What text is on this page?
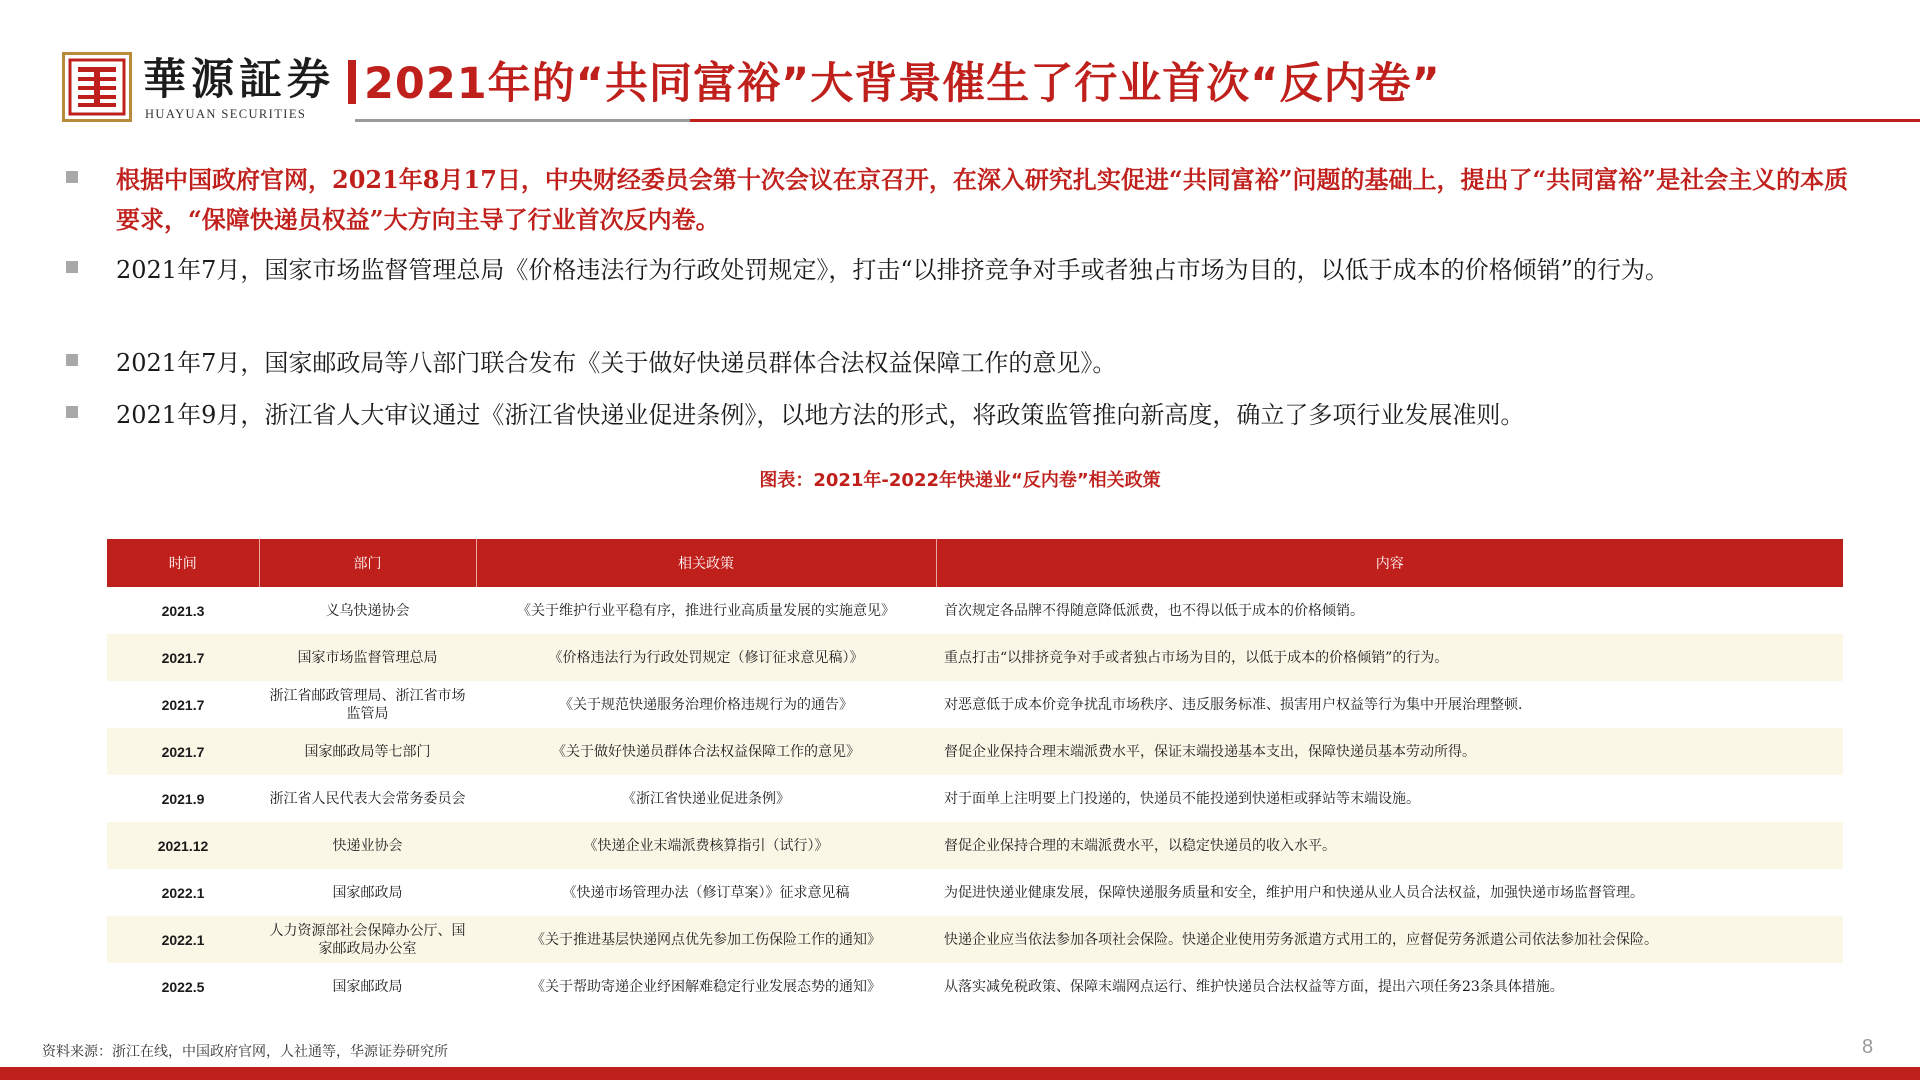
華源証券
HUAYUAN SECURITIES
2021年的“共同富裕”大背景催生了行业首次“反内卷”
根据中国政府官网，2021年8月17日，中央财经委员会第十次会议在京召开，在深入研究扎实促进“共同富裕”问题的基础上，提出了“共同富裕”是社会主义的本质要求，“保障快递员权益”大方向主导了行业首次反内卷。
2021年7月，国家市场监督管理总局《价格违法行为行政处罚规定》，打击“以排挤竞争对手或者独占市场为目的，以低于成本的价格倾销”的行为。
2021年7月，国家邮政局等八部门联合发布《关于做好快递员群体合法权益保障工作的意见》。
2021年9月，浙江省人大审议通过《浙江省快递业促进条例》，以地方法的形式，将政策监管推向新高度，确立了多项行业发展准则。
图表：2021年-2022年快递业“反内卷”相关政策
时间	部门	相关政策	内容
2021.3	义乌快递协会	《关于维护行业平稳有序，推进行业高质量发展的实施意见》	首次规定各品牌不得随意降低派费，也不得以低于成本的价格倾销。
2021.7	国家市场监督管理总局	《价格违法行为行政处罚规定（修订征求意见稿）》	重点打击“以排挤竞争对手或者独占市场为目的，以低于成本的价格倾销”的行为。
2021.7	浙江省邮政管理局、浙江省市场监管局	《关于规范快递服务治理价格违规行为的通告》	对恶意低于成本价竞争扰乱市场秩序、违反服务标准、损害用户权益等行为集中开展治理整顿.
2021.7	国家邮政局等七部门	《关于做好快递员群体合法权益保障工作的意见》	督促企业保持合理末端派费水平，保证末端投递基本支出，保障快递员基本劳动所得。
2021.9	浙江省人民代表大会常务委员会	《浙江省快递业促进条例》	对于面单上注明要上门投递的，快递员不能投递到快递柜或驿站等末端设施。
2021.12	快递业协会	《快递企业末端派费核算指引（试行）》	督促企业保持合理的末端派费水平，以稳定快递员的收入水平。
2022.1	国家邮政局	《快递市场管理办法（修订草案）》征求意见稿	为促进快递业健康发展，保障快递服务质量和安全，维护用户和快递从业人员合法权益，加强快递市场监督管理。
2022.1	人力资源部社会保障办公厅、国家邮政局办公室	《关于推进基层快递网点优先参加工伤保险工作的通知》	快递企业应当依法参加各项社会保险。快递企业使用劳务派遣方式用工的，应督促劳务派遣公司依法参加社会保险。
2022.5	国家邮政局	《关于帮助寄递企业纾困解难稳定行业发展态势的通知》	从落实减免税政策、保障末端网点运行、维护快递员合法权益等方面，提出六项任务23条具体措施。
资料来源：浙江在线，中国政府官网，人社通等，华源证券研究所	8
